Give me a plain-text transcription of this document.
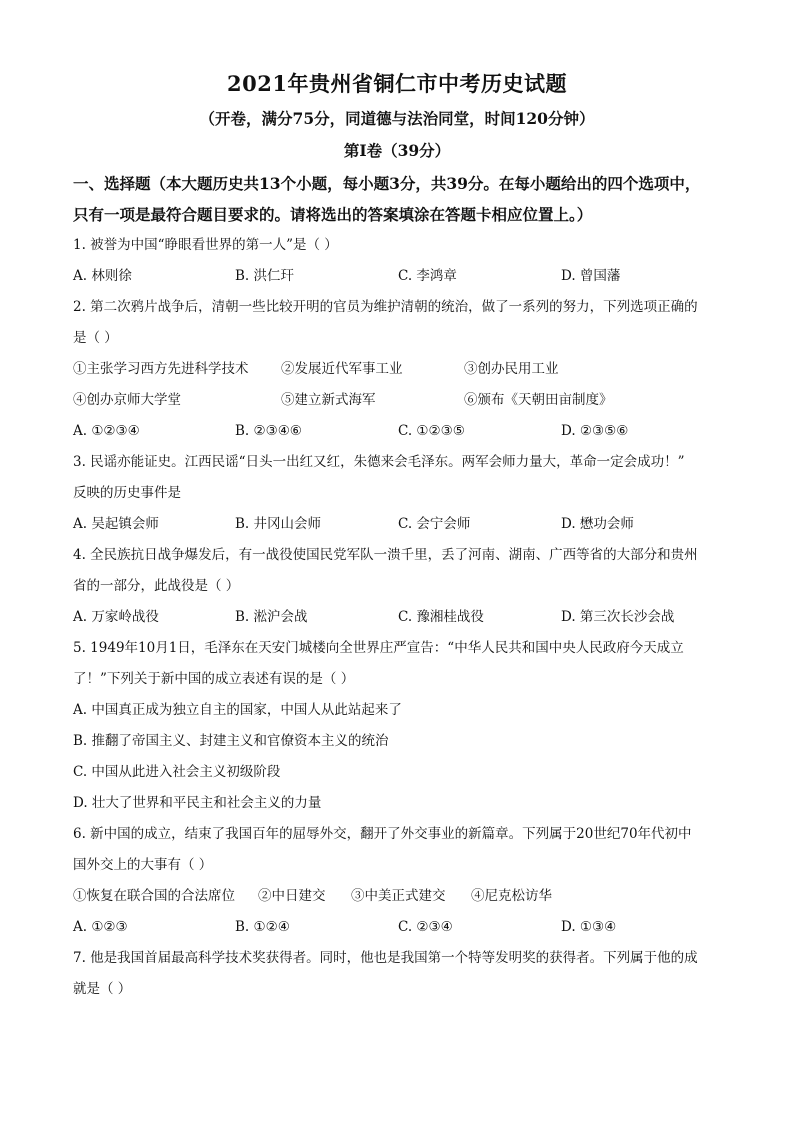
2021年贵州省铜仁市中考历史试题
（开卷，满分75分，同道德与法治同堂，时间120分钟）
第Ⅰ卷（39分）
一、选择题（本大题历史共13个小题，每小题3分，共39分。在每小题给出的四个选项中，
只有一项是最符合题目要求的。请将选出的答案填涂在答题卡相应位置上。）
1. 被誉为中国“睁眼看世界的第一人”是（ ）
A. 林则徐	B. 洪仁玕	C. 李鸿章	D. 曾国藩
2. 第二次鸦片战争后，清朝一些比较开明的官员为维护清朝的统治，做了一系列的努力，下列选项正确的
是（ ）
①主张学习西方先进科学技术	②发展近代军事工业	③创办民用工业
④创办京师大学堂	⑤建立新式海军	⑥颁布《天朝田亩制度》
A. ①②③④	B. ②③④⑥	C. ①②③⑤	D. ②③⑤⑥
3. 民谣亦能证史。江西民谣“日头一出红又红，朱德来会毛泽东。两军会师力量大，革命一定会成功！”
反映的历史事件是
A. 吴起镇会师	B. 井冈山会师	C. 会宁会师	D. 懋功会师
4. 全民族抗日战争爆发后，有一战役使国民党军队一溃千里，丢了河南、湖南、广西等省的大部分和贵州
省的一部分，此战役是（ ）
A. 万家岭战役	B. 淞沪会战	C. 豫湘桂战役	D. 第三次长沙会战
5. 1949年10月1日，毛泽东在天安门城楼向全世界庄严宣告：“中华人民共和国中央人民政府今天成立
了！”下列关于新中国的成立表述有误的是（ ）
A. 中国真正成为独立自主的国家，中国人从此站起来了
B. 推翻了帝国主义、封建主义和官僚资本主义的统治
C. 中国从此进入社会主义初级阶段
D. 壮大了世界和平民主和社会主义的力量
6. 新中国的成立，结束了我国百年的屈辱外交，翻开了外交事业的新篇章。下列属于20世纪70年代初中
国外交上的大事有（ ）
①恢复在联合国的合法席位	②中日建交	③中美正式建交	④尼克松访华
A. ①②③	B. ①②④	C. ②③④	D. ①③④
7. 他是我国首届最高科学技术奖获得者。同时，他也是我国第一个特等发明奖的获得者。下列属于他的成
就是（ ）
